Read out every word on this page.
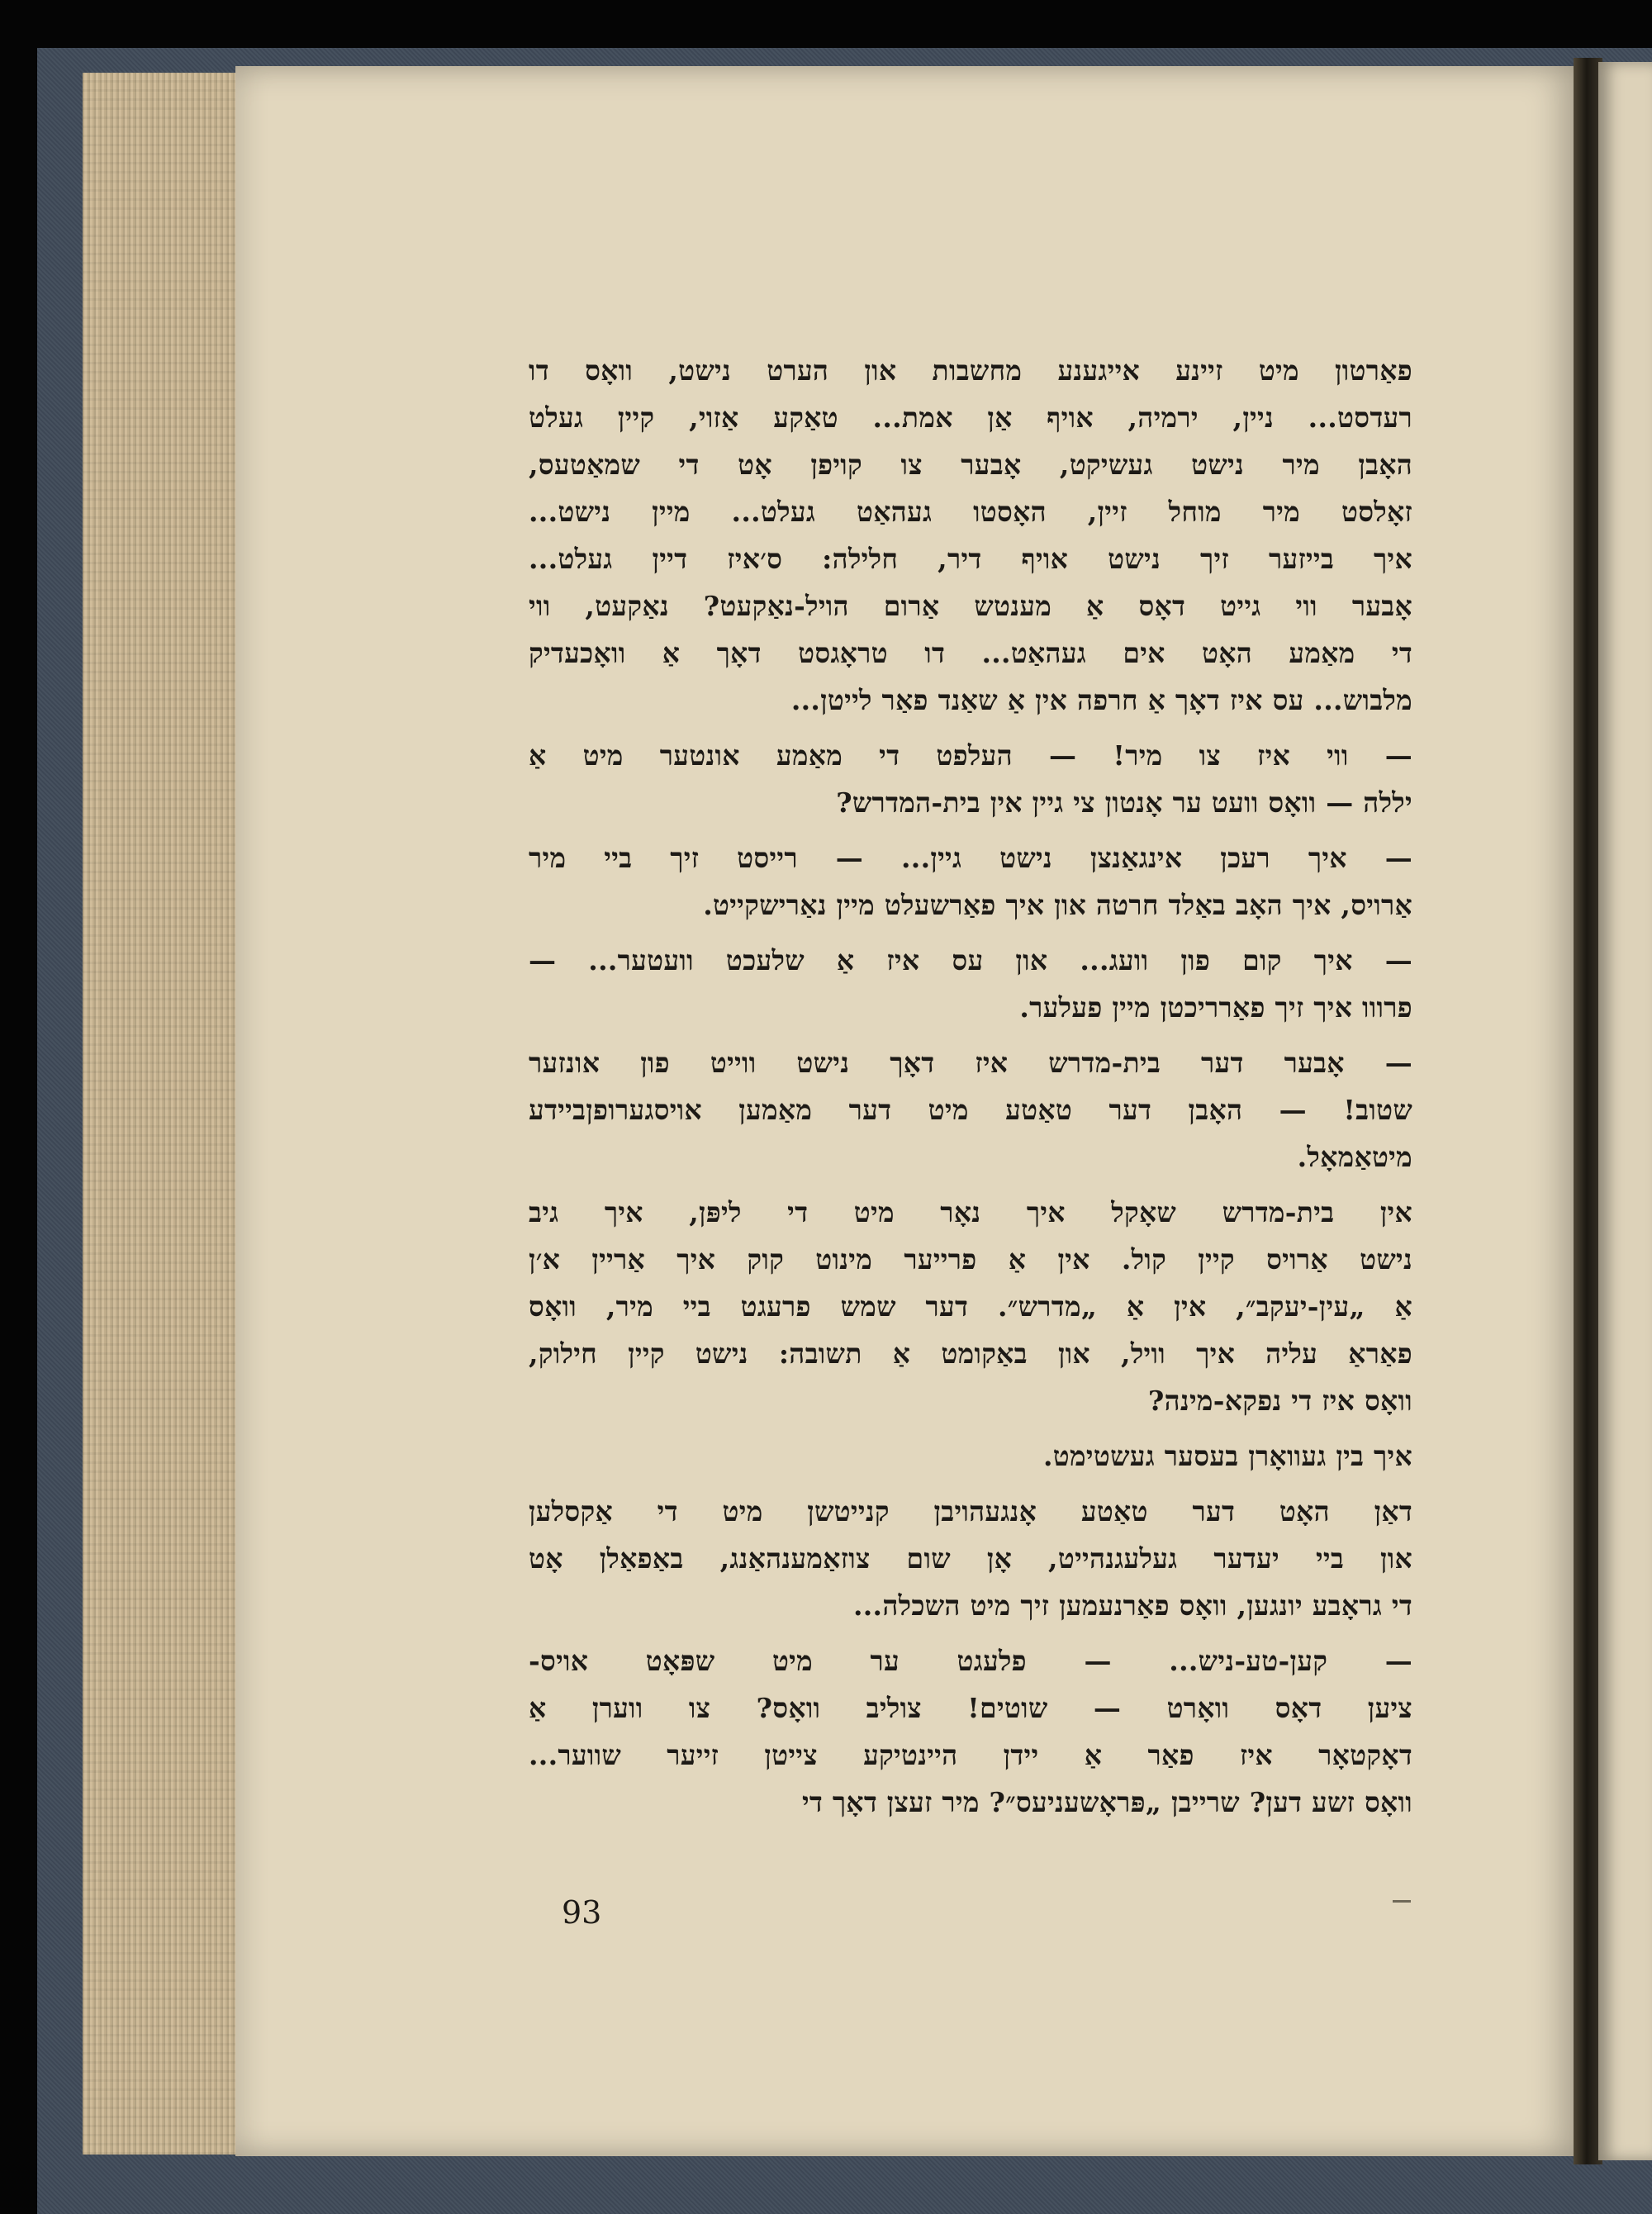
פאַרטון מיט זיינע אייגענע מחשבות און הערט נישט, וואָס דו
רעדסט... ניין, ירמיה, אויף אַן אמת... טאַקע אַזוי, קיין געלט
האָבן מיר נישט געשיקט, אָבער צו קויפן אָט די שמאַטעס,
זאָלסט מיר מוחל זיין, האָסטו געהאַט געלט... מיין נישט...
איך בייזער זיך נישט אויף דיר, חלילה: ס׳איז דיין געלט...
אָבער ווי גייט דאָס אַ מענטש אַרום הויל-נאַקעט? נאַקעט, ווי
די מאַמע האָט אים געהאַט... דו טראָגסט דאָך אַ וואָכעדיק
מלבוש... עס איז דאָך אַ חרפה אין אַ שאַנד פאַר לייטן...
— ווי איז צו מיר! — העלפט די מאַמע אונטער מיט אַ
יללה — וואָס וועט ער אָנטון צי גיין אין בית-המדרש?
— איך רעכן אינגאַנצן נישט גיין... — רייסט זיך ביי מיר
אַרויס, איך האָב באַלד חרטה און איך פאַרשעלט מיין נאַרישקייט.
— איך קום פון וועג... און עס איז אַ שלעכט וועטער... —
פרווו איך זיך פאַרריכטן מיין פעלער.
— אָבער דער בית-מדרש איז דאָך נישט ווייט פון אונזער
שטוב! — האָבן דער טאַטע מיט דער מאַמען אויסגערופןביידע
מיטאַמאָל.
אין בית-מדרש שאָקל איך נאָר מיט די ליפּן, איך גיב
נישט אַרויס קיין קול. אין אַ פרייער מינוט קוק איך אַריין א׳ן
אַ „עין-יעקב״, אין אַ „מדרש״. דער שמש פרעגט ביי מיר, וואָס
פאַראַ עליה איך וויל, און באַקומט אַ תשובה: נישט קיין חילוק,
וואָס איז די נפקא-מינה?
איך בין געוואָרן בעסער געשטימט.
דאַן האָט דער טאַטע אָנגעהויבן קנייטשן מיט די אַקסלען
און ביי יעדער געלעגנהייט, אָן שום צוזאַמענהאַנג, באַפאַלן אָט
די גראָבע יונגען, וואָס פאַרנעמען זיך מיט השכלה...
— קען-טע-ניש... — פלעגט ער מיט שפּאָט אויס-
ציען דאָס וואָרט — שוטים! צוליב וואָס? צו ווערן אַ
דאָקטאָר איז פאַר אַ יידן היינטיקע צייטן זייער שווער...
וואָס זשע דען? שרייבן „פּראָשעניעס״? מיר זעצן דאָך די
93
